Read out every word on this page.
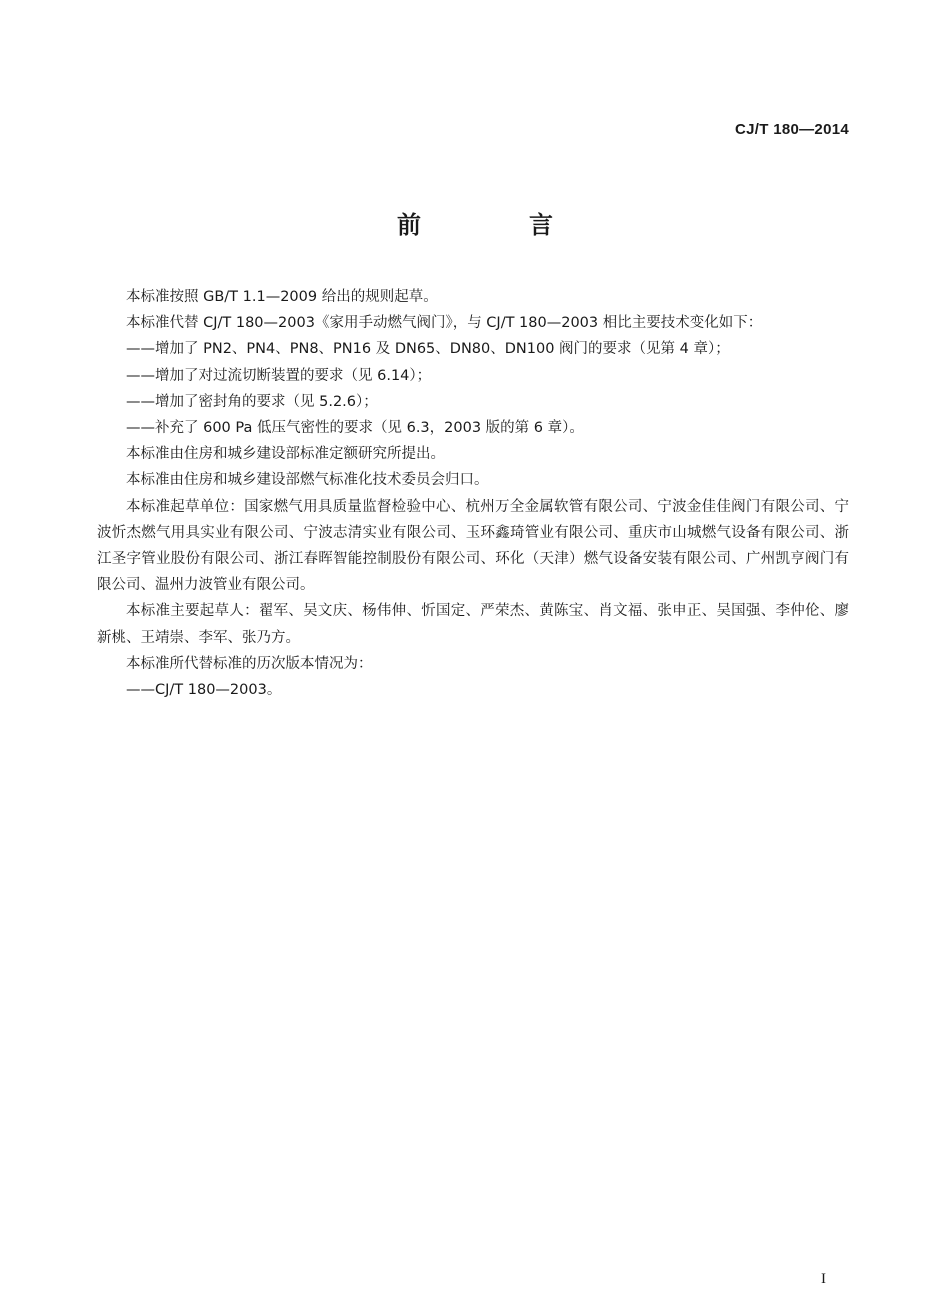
CJ/T 180—2014
前　言

本标准按照 GB/T 1.1—2009 给出的规则起草。

本标准代替 CJ/T 180—2003《家用手动燃气阀门》，与 CJ/T 180—2003 相比主要技术变化如下：

——增加了 PN2、PN4、PN8、PN16 及 DN65、DN80、DN100 阀门的要求（见第 4 章）；

——增加了对过流切断装置的要求（见 6.14）；

——增加了密封角的要求（见 5.2.6）；

——补充了 600 Pa 低压气密性的要求（见 6.3，2003 版的第 6 章）。

本标准由住房和城乡建设部标准定额研究所提出。

本标准由住房和城乡建设部燃气标准化技术委员会归口。

本标准起草单位：国家燃气用具质量监督检验中心、杭州万全金属软管有限公司、宁波金佳佳阀门有限公司、宁波忻杰燃气用具实业有限公司、宁波志清实业有限公司、玉环鑫琦管业有限公司、重庆市山城燃气设备有限公司、浙江圣字管业股份有限公司、浙江春晖智能控制股份有限公司、环化（天津）燃气设备安装有限公司、广州凯亨阀门有限公司、温州力波管业有限公司。

本标准主要起草人：翟军、吴文庆、杨伟伸、忻国定、严荣杰、黄陈宝、肖文福、张申正、吴国强、李仲伦、廖新桃、王靖崇、李军、张乃方。

本标准所代替标准的历次版本情况为：

——CJ/T 180—2003。

I
